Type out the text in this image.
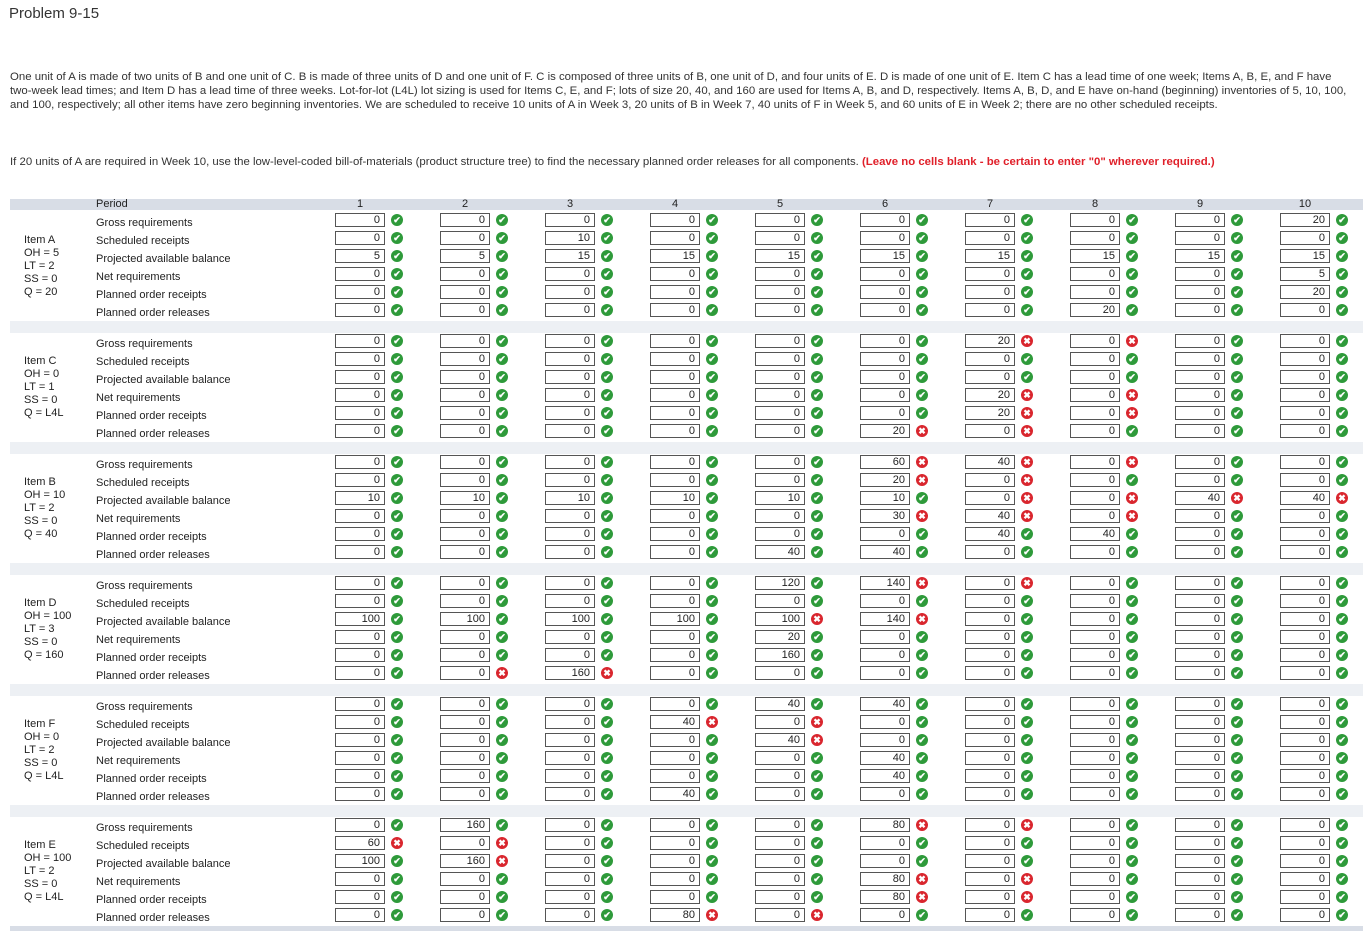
Problem 9-15
One unit of A is made of two units of B and one unit of C. B is made of three units of D and one unit of F. C is composed of three units of B, one unit of D, and four units of E. D is made of one unit of E. Item C has a lead time of one week; Items A, B, E, and F have two-week lead times; and Item D has a lead time of three weeks. Lot-for-lot (L4L) lot sizing is used for Items C, E, and F; lots of size 20, 40, and 160 are used for Items A, B, and D, respectively. Items A, B, D, and E have on-hand (beginning) inventories of 5, 10, 100, and 100, respectively; all other items have zero beginning inventories. We are scheduled to receive 10 units of A in Week 3, 20 units of B in Week 7, 40 units of F in Week 5, and 60 units of E in Week 2; there are no other scheduled receipts.
If 20 units of A are required in Week 10, use the low-level-coded bill-of-materials (product structure tree) to find the necessary planned order releases for all components. (Leave no cells blank - be certain to enter "0" wherever required.)
Period	1	2	3	4	5	6	7	8	9	10
Item A
OH = 5
LT = 2
SS = 0
Q = 20
Gross requirements	0	✔	0	✔	0	✔	0	✔	0	✔	0	✔	0	✔	0	✔	0	✔	20	✔
Scheduled receipts	0	✔	0	✔	10	✔	0	✔	0	✔	0	✔	0	✔	0	✔	0	✔	0	✔
Projected available balance	5	✔	5	✔	15	✔	15	✔	15	✔	15	✔	15	✔	15	✔	15	✔	15	✔
Net requirements	0	✔	0	✔	0	✔	0	✔	0	✔	0	✔	0	✔	0	✔	0	✔	5	✔
Planned order receipts	0	✔	0	✔	0	✔	0	✔	0	✔	0	✔	0	✔	0	✔	0	✔	20	✔
Planned order releases	0	✔	0	✔	0	✔	0	✔	0	✔	0	✔	0	✔	20	✔	0	✔	0	✔
Item C
OH = 0
LT = 1
SS = 0
Q = L4L
Gross requirements	0	✔	0	✔	0	✔	0	✔	0	✔	0	✔	20	✖	0	✖	0	✔	0	✔
Scheduled receipts	0	✔	0	✔	0	✔	0	✔	0	✔	0	✔	0	✔	0	✔	0	✔	0	✔
Projected available balance	0	✔	0	✔	0	✔	0	✔	0	✔	0	✔	0	✔	0	✔	0	✔	0	✔
Net requirements	0	✔	0	✔	0	✔	0	✔	0	✔	0	✔	20	✖	0	✖	0	✔	0	✔
Planned order receipts	0	✔	0	✔	0	✔	0	✔	0	✔	0	✔	20	✖	0	✖	0	✔	0	✔
Planned order releases	0	✔	0	✔	0	✔	0	✔	0	✔	20	✖	0	✖	0	✔	0	✔	0	✔
Item B
OH = 10
LT = 2
SS = 0
Q = 40
Gross requirements	0	✔	0	✔	0	✔	0	✔	0	✔	60	✖	40	✖	0	✖	0	✔	0	✔
Scheduled receipts	0	✔	0	✔	0	✔	0	✔	0	✔	20	✖	0	✖	0	✔	0	✔	0	✔
Projected available balance	10	✔	10	✔	10	✔	10	✔	10	✔	10	✔	0	✖	0	✖	40	✖	40	✖
Net requirements	0	✔	0	✔	0	✔	0	✔	0	✔	30	✖	40	✖	0	✖	0	✔	0	✔
Planned order receipts	0	✔	0	✔	0	✔	0	✔	0	✔	0	✔	40	✔	40	✔	0	✔	0	✔
Planned order releases	0	✔	0	✔	0	✔	0	✔	40	✔	40	✔	0	✔	0	✔	0	✔	0	✔
Item D
OH = 100
LT = 3
SS = 0
Q = 160
Gross requirements	0	✔	0	✔	0	✔	0	✔	120	✔	140	✖	0	✖	0	✔	0	✔	0	✔
Scheduled receipts	0	✔	0	✔	0	✔	0	✔	0	✔	0	✔	0	✔	0	✔	0	✔	0	✔
Projected available balance	100	✔	100	✔	100	✔	100	✔	100	✖	140	✖	0	✔	0	✔	0	✔	0	✔
Net requirements	0	✔	0	✔	0	✔	0	✔	20	✔	0	✔	0	✔	0	✔	0	✔	0	✔
Planned order receipts	0	✔	0	✔	0	✔	0	✔	160	✔	0	✔	0	✔	0	✔	0	✔	0	✔
Planned order releases	0	✔	0	✖	160	✖	0	✔	0	✔	0	✔	0	✔	0	✔	0	✔	0	✔
Item F
OH = 0
LT = 2
SS = 0
Q = L4L
Gross requirements	0	✔	0	✔	0	✔	0	✔	40	✔	40	✔	0	✔	0	✔	0	✔	0	✔
Scheduled receipts	0	✔	0	✔	0	✔	40	✖	0	✖	0	✔	0	✔	0	✔	0	✔	0	✔
Projected available balance	0	✔	0	✔	0	✔	0	✔	40	✖	0	✔	0	✔	0	✔	0	✔	0	✔
Net requirements	0	✔	0	✔	0	✔	0	✔	0	✔	40	✔	0	✔	0	✔	0	✔	0	✔
Planned order receipts	0	✔	0	✔	0	✔	0	✔	0	✔	40	✔	0	✔	0	✔	0	✔	0	✔
Planned order releases	0	✔	0	✔	0	✔	40	✔	0	✔	0	✔	0	✔	0	✔	0	✔	0	✔
Item E
OH = 100
LT = 2
SS = 0
Q = L4L
Gross requirements	0	✔	160	✔	0	✔	0	✔	0	✔	80	✖	0	✖	0	✔	0	✔	0	✔
Scheduled receipts	60	✖	0	✖	0	✔	0	✔	0	✔	0	✔	0	✔	0	✔	0	✔	0	✔
Projected available balance	100	✔	160	✖	0	✔	0	✔	0	✔	0	✔	0	✔	0	✔	0	✔	0	✔
Net requirements	0	✔	0	✔	0	✔	0	✔	0	✔	80	✖	0	✖	0	✔	0	✔	0	✔
Planned order receipts	0	✔	0	✔	0	✔	0	✔	0	✔	80	✖	0	✖	0	✔	0	✔	0	✔
Planned order releases	0	✔	0	✔	0	✔	80	✖	0	✖	0	✔	0	✔	0	✔	0	✔	0	✔
